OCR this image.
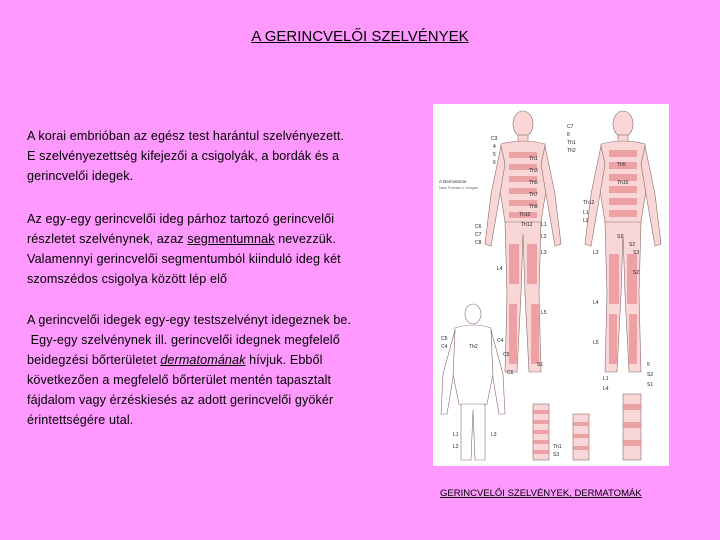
A GERINCVELŐI SZELVÉNYEK
A korai embrióban az egész test harántul szelvényezett.
E szelvényezettség kifejezői a csigolyák, a bordák és a
gerincvelői idegek.
Az egy-egy gerincvelői ideg párhoz tartozó gerincvelői
részletet szelvénynek, azaz segmentumnak nevezzük.
Valamennyi gerincvelői segmentumból kiinduló ideg két
szomszédos csigolya között lép elő
A gerincvelői idegek egy-egy testszelvényt idegeznek be.
Egy-egy szelvénynek ill. gerincvelői idegnek megfelelő
beidegzési bőrterületet dermatomának hívjuk. Ebből
következően a megfelelő bőrterület mentén tapasztalt
fájdalom vagy érzéskiesés az adott gerincvelői gyökér
érintettségére utal.
A Dermatome
Nach Foerster u. Keegan
C3
4
5
6
Th1
Th3
Th5
Th7
Th9
Th10
Th12
C6
C7
C8
L1
L2
L3
L4
L5
S1
C7
8
Th1
Th2
Th5
Th10
Th12
L1
L2
S1
S2
S3
L3
L4
S2
L5
C4
Th2
C5
C4
C5
C6
L1
L2
L3
Th1
S3
5
S2
S1
L1
L4
GERINCVELŐI SZELVÉNYEK, DERMATOMÁK
